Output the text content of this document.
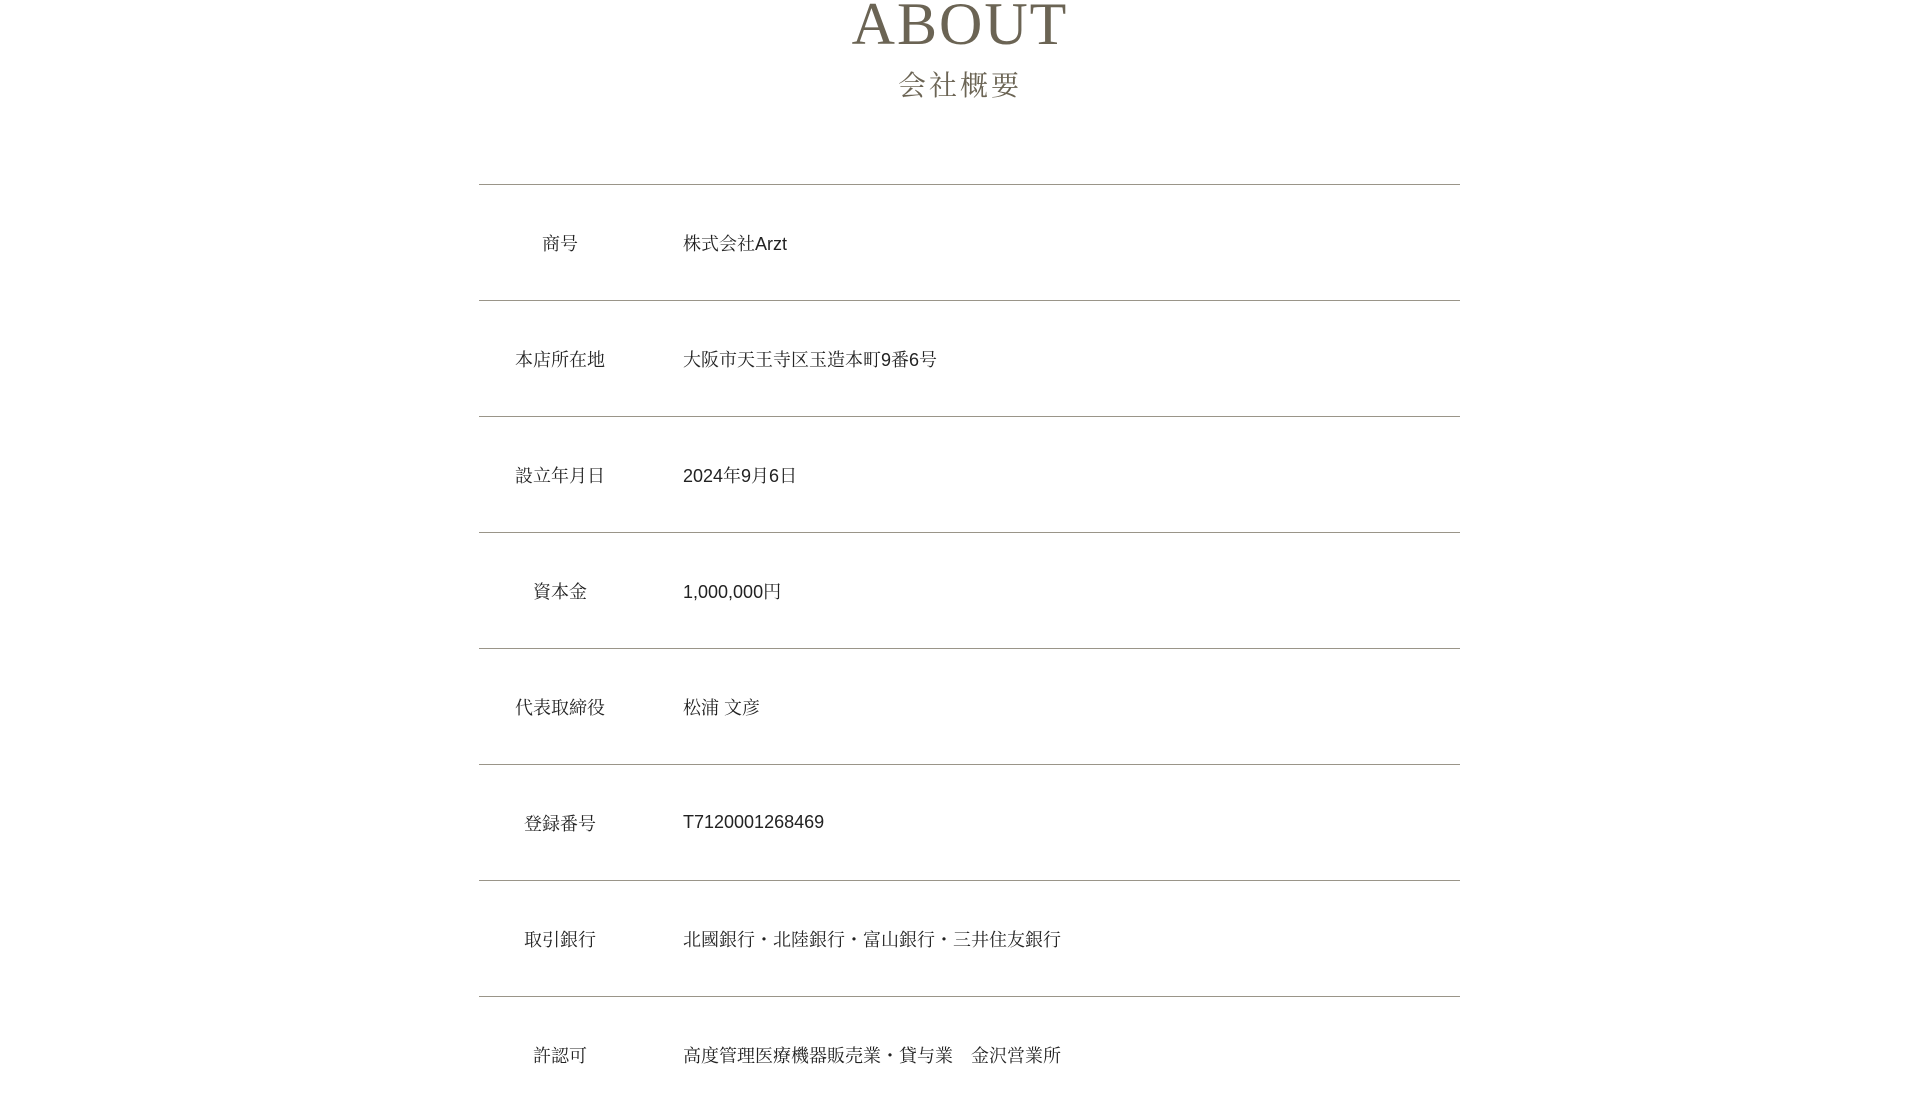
ABOUT
会社概要
商号	株式会社Arzt
本店所在地	大阪市天王寺区玉造本町9番6号
設立年月日	2024年9月6日
資本金	1,000,000円
代表取締役	松浦 文彦
登録番号	T7120001268469
取引銀行	北國銀行・北陸銀行・富山銀行・三井住友銀行
許認可	高度管理医療機器販売業・貸与業　金沢営業所
